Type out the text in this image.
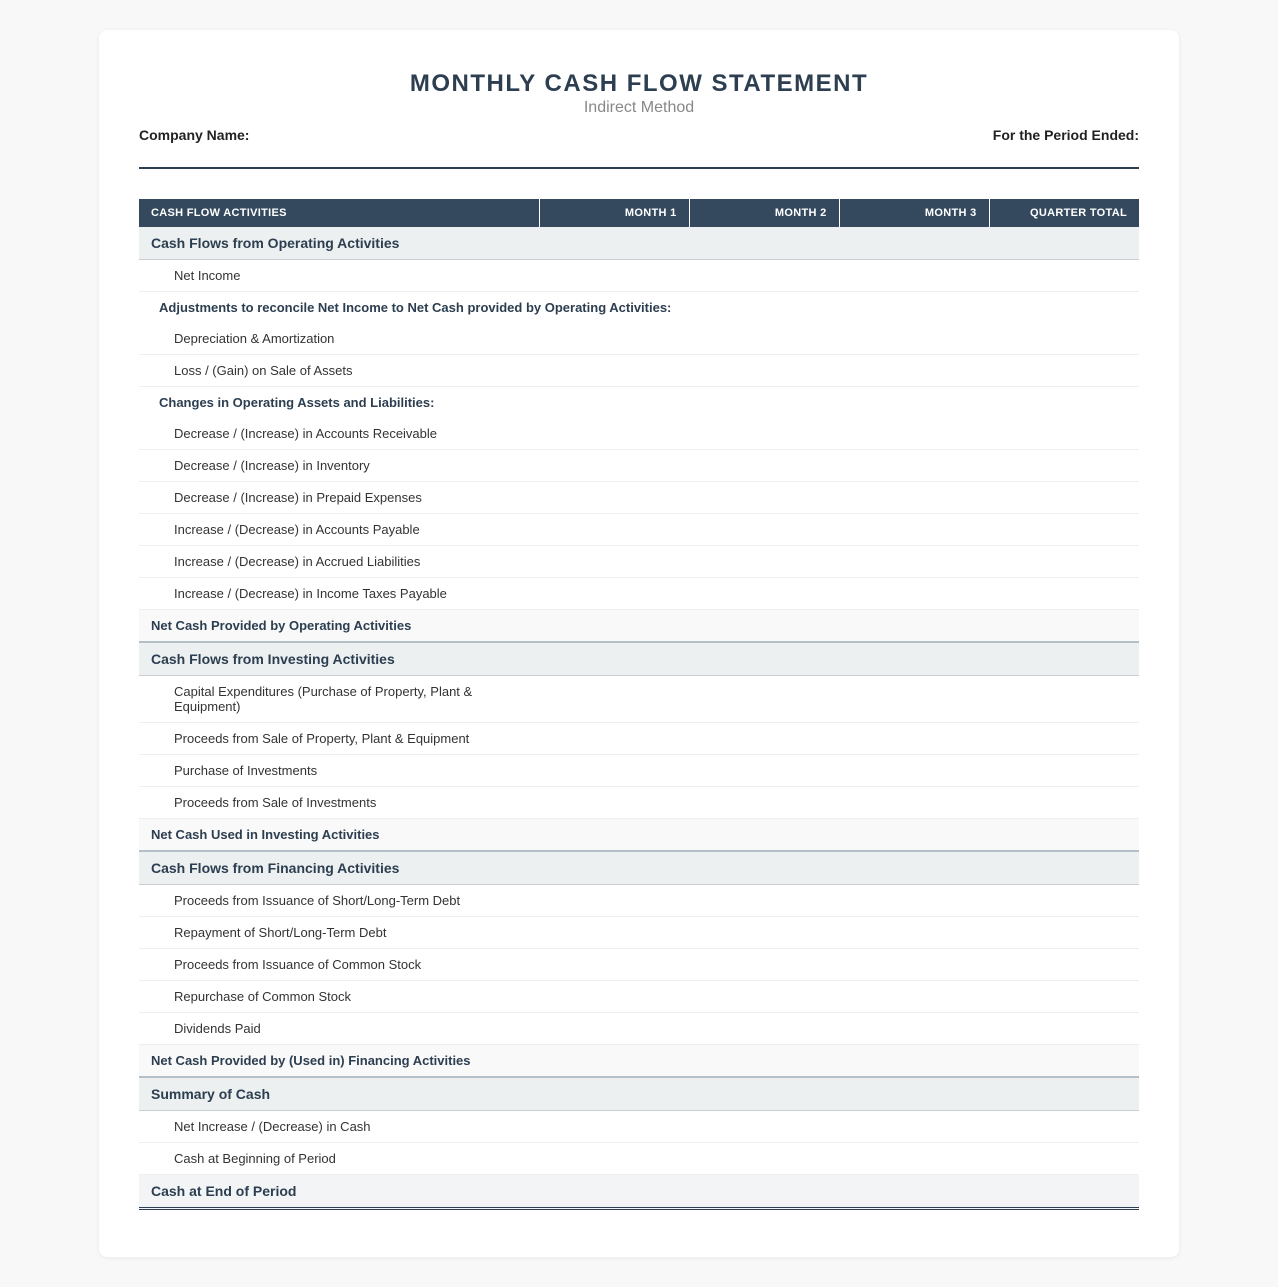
MONTHLY CASH FLOW STATEMENT
Indirect Method
Company Name:	For the Period Ended:
CASH FLOW ACTIVITIES	MONTH 1	MONTH 2	MONTH 3	QUARTER TOTAL
Cash Flows from Operating Activities				
Net Income				
Adjustments to reconcile Net Income to Net Cash provided by Operating Activities:				
Depreciation & Amortization				
Loss / (Gain) on Sale of Assets				
Changes in Operating Assets and Liabilities:				
Decrease / (Increase) in Accounts Receivable				
Decrease / (Increase) in Inventory				
Decrease / (Increase) in Prepaid Expenses				
Increase / (Decrease) in Accounts Payable				
Increase / (Decrease) in Accrued Liabilities				
Increase / (Decrease) in Income Taxes Payable				
Net Cash Provided by Operating Activities				
Cash Flows from Investing Activities				
Capital Expenditures (Purchase of Property, Plant & Equipment)				
Proceeds from Sale of Property, Plant & Equipment				
Purchase of Investments				
Proceeds from Sale of Investments				
Net Cash Used in Investing Activities				
Cash Flows from Financing Activities				
Proceeds from Issuance of Short/Long-Term Debt				
Repayment of Short/Long-Term Debt				
Proceeds from Issuance of Common Stock				
Repurchase of Common Stock				
Dividends Paid				
Net Cash Provided by (Used in) Financing Activities				
Summary of Cash				
Net Increase / (Decrease) in Cash				
Cash at Beginning of Period				
Cash at End of Period				
